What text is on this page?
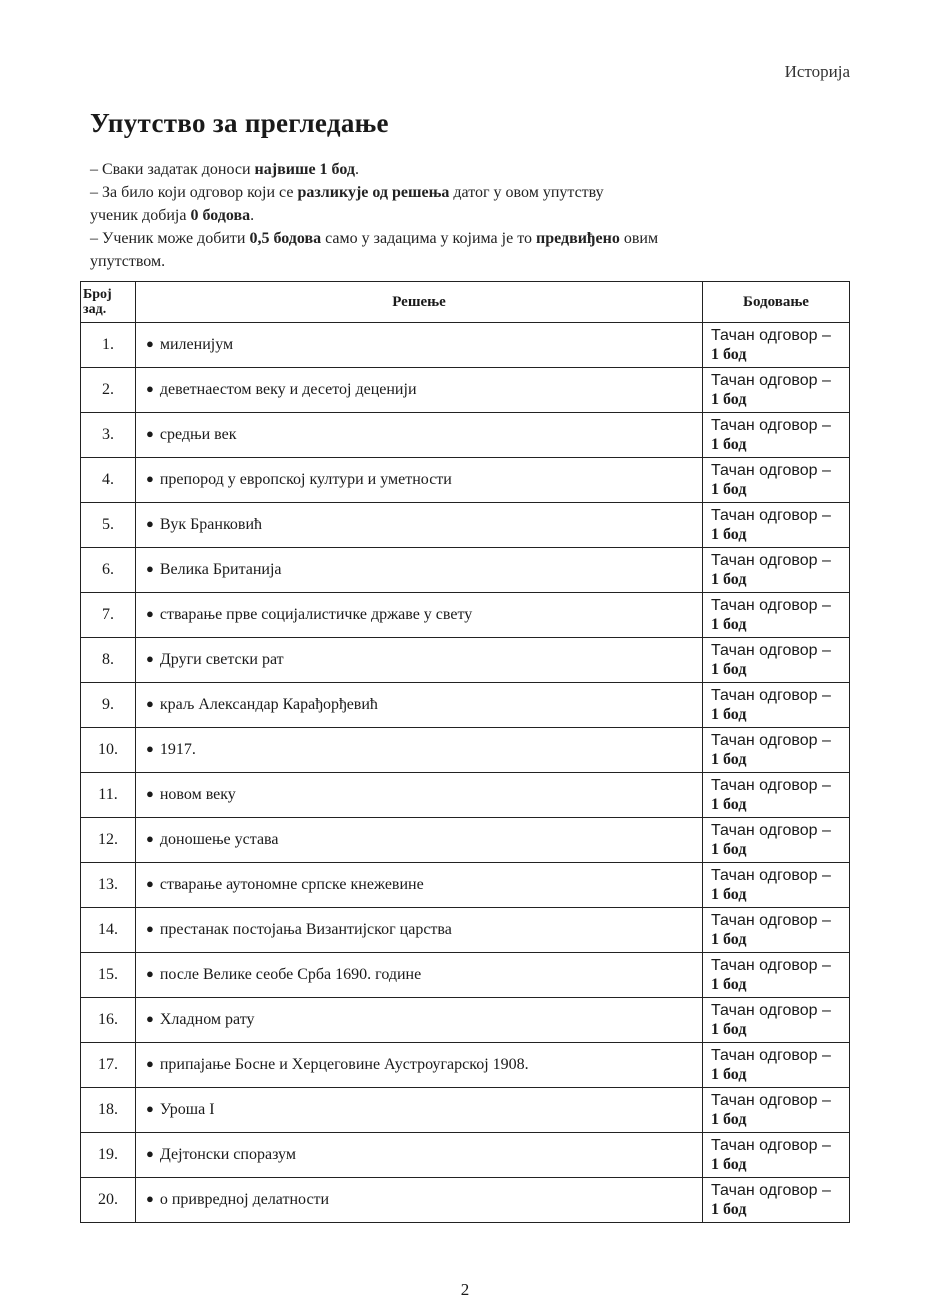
Историја
Упутство за прегледање

– Сваки задатак доноси највише 1 бод.

– За било који одговор који се разликује од решења датог у овом упутству
ученик добија 0 бодова.

– Ученик може добити 0,5 бодова само у задацима у којима је то предвиђено овим
упутством.

Број зад.	Решење	Бодовање
1.	● миленијум	Тачан одговор –
1 бод

2.	● деветнаестом веку и десетој деценији	Тачан одговор –
1 бод

3.	● средњи век	Тачан одговор –
1 бод

4.	● препород у европској култури и уметности	Тачан одговор –
1 бод

5.	● Вук Бранковић	Тачан одговор –
1 бод

6.	● Велика Британија	Тачан одговор –
1 бод

7.	● стварање прве социјалистичке државе у свету	Тачан одговор –
1 бод

8.	● Други светски рат	Тачан одговор –
1 бод

9.	● краљ Александар Карађорђевић	Тачан одговор –
1 бод

10.	● 1917.	Тачан одговор –
1 бод

11.	● новом веку	Тачан одговор –
1 бод

12.	● доношење устава	Тачан одговор –
1 бод

13.	● стварање аутономне српске кнежевине	Тачан одговор –
1 бод

14.	● престанак постојања Византијског царства	Тачан одговор –
1 бод

15.	● после Велике сеобе Срба 1690. године	Тачан одговор –
1 бод

16.	● Хладном рату	Тачан одговор –
1 бод

17.	● припајање Босне и Херцеговине Аустроугарској 1908.	Тачан одговор –
1 бод

18.	● Уроша I	Тачан одговор –
1 бод

19.	● Дејтонски споразум	Тачан одговор –
1 бод

20.	● о привредној делатности	Тачан одговор –
1 бод
2
